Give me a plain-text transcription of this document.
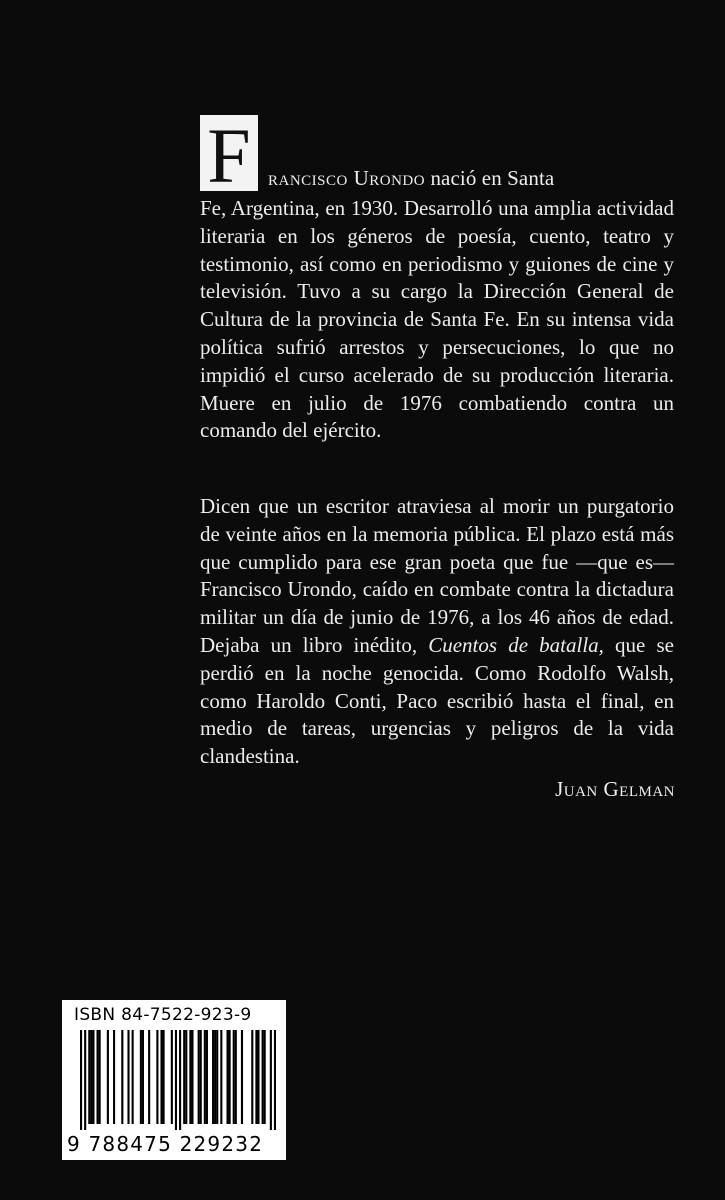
F rancisco Urondo nació en Santa

Fe, Argentina, en 1930. Desarrolló una amplia actividad literaria en los géneros de poesía, cuento, teatro y testimonio, así como en periodismo y guiones de cine y televisión. Tuvo a su cargo la Dirección General de Cultura de la provincia de Santa Fe. En su intensa vida política sufrió arrestos y persecuciones, lo que no impidió el curso acelerado de su producción literaria. Muere en julio de 1976 combatiendo contra un comando del ejército.

Dicen que un escritor atraviesa al morir un purgatorio de veinte años en la memoria pública. El plazo está más que cumplido para ese gran poeta que fue —que es— Francisco Urondo, caído en combate contra la dictadura militar un día de junio de 1976, a los 46 años de edad. Dejaba un libro inédito, Cuentos de batalla, que se perdió en la noche genocida. Como Rodolfo Walsh, como Haroldo Conti, Paco escribió hasta el final, en medio de tareas, urgencias y peligros de la vida clandestina.

Juan Gelman
ISBN 84-7522-923-9
9 788475 229232
